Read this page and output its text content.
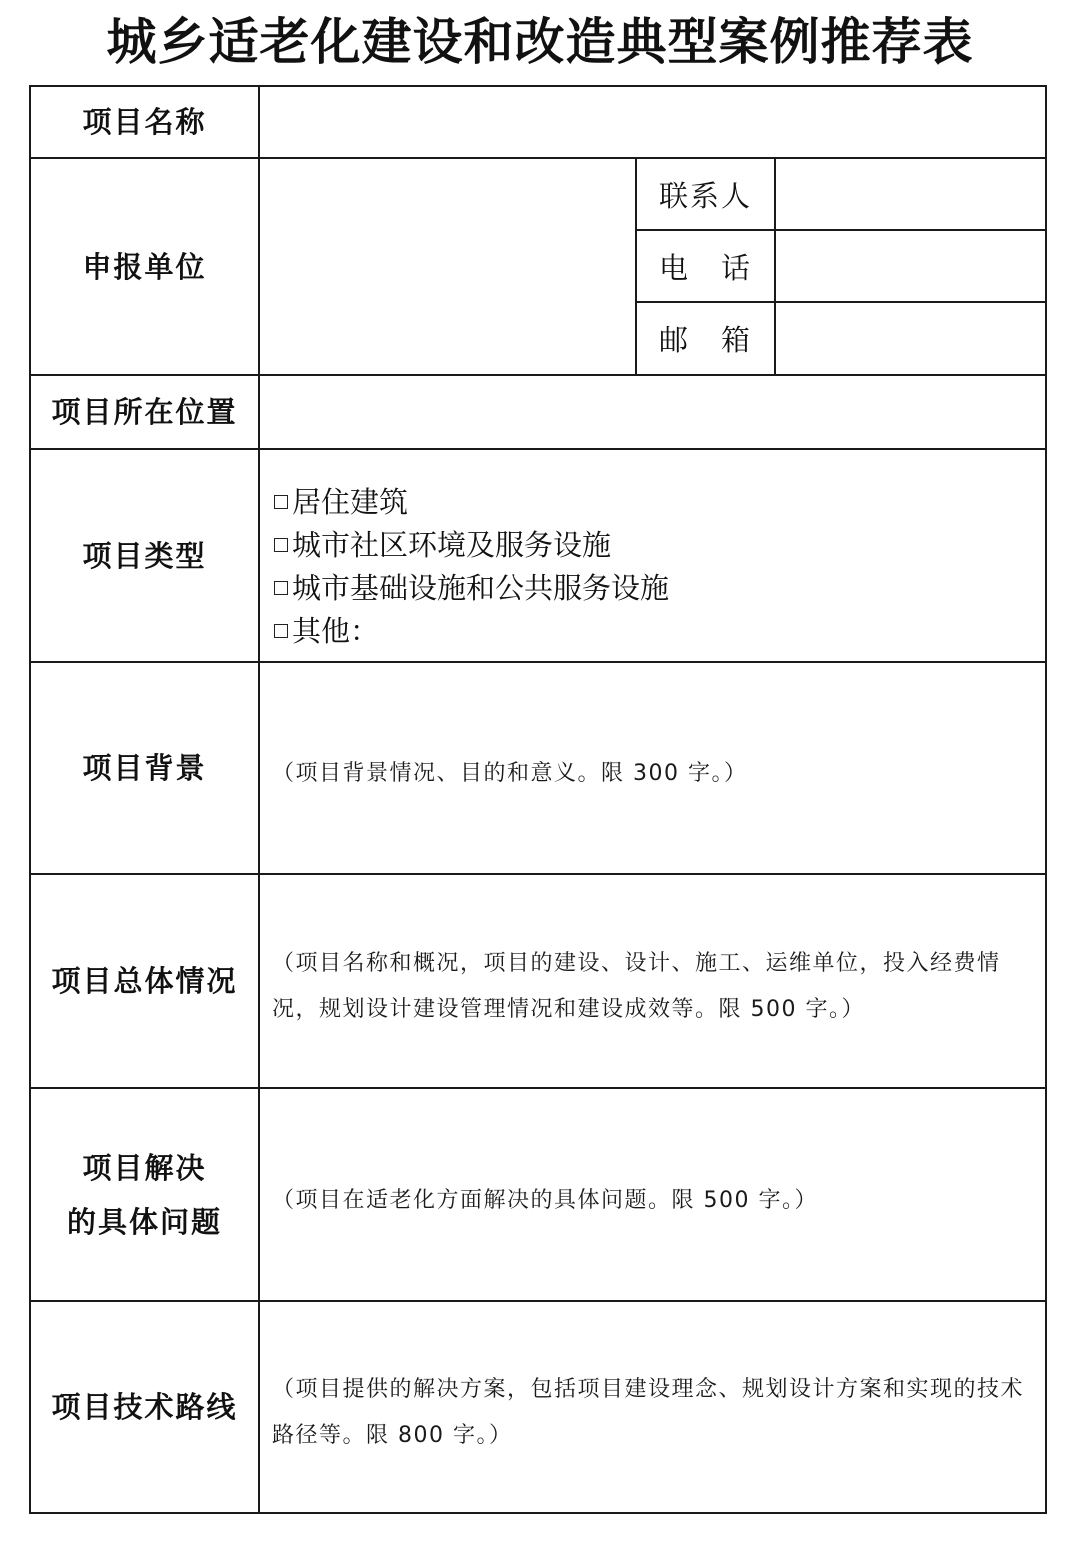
城乡适老化建设和改造典型案例推荐表
项目名称			
申报单位		联系人	
		电　话	
		邮　箱	
项目所在位置			
项目类型	居住建筑
城市社区环境及服务设施
城市基础设施和公共服务设施
其他：		

项目背景	（项目背景情况、目的和意义。限 300 字。）		
项目总体情况	（项目名称和概况，项目的建设、设计、施工、运维单位，投入经费情况，规划设计建设管理情况和建设成效等。限 500 字。）		
项目解决
的具体问题	（项目在适老化方面解决的具体问题。限 500 字。）		
项目技术路线	（项目提供的解决方案，包括项目建设理念、规划设计方案和实现的技术路径等。限 800 字。）		
